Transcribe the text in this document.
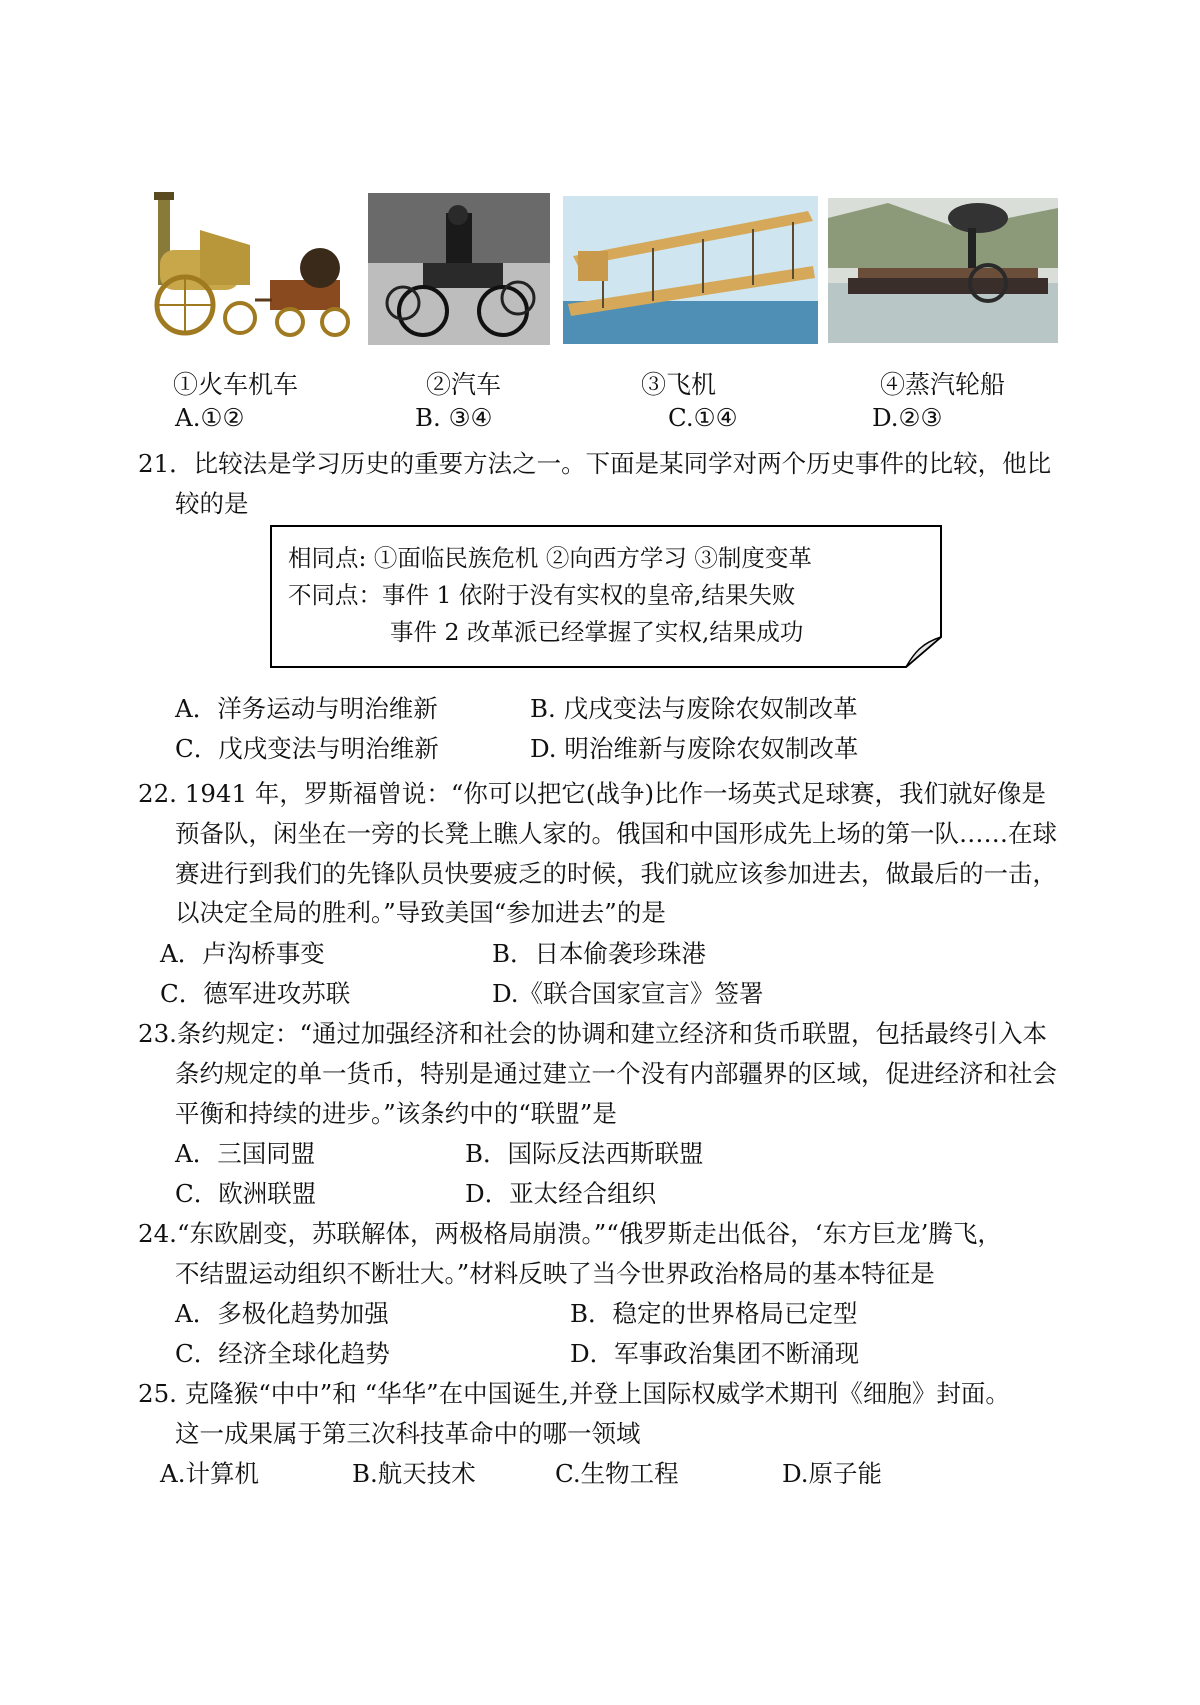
①火车机车	②汽车	③飞机	④蒸汽轮船
A.①②	B. ③④	C.①④	D.②③
21．比较法是学习历史的重要方法之一。下面是某同学对两个历史事件的比较，他比
较的是
相同点: ①面临民族危机 ②向西方学习 ③制度变革
不同点：事件 1 依附于没有实权的皇帝,结果失败
事件 2 改革派已经掌握了实权,结果成功
A．洋务运动与明治维新	B. 戊戌变法与废除农奴制改革
C．戊戌变法与明治维新	D. 明治维新与废除农奴制改革
22. 1941 年，罗斯福曾说：“你可以把它(战争)比作一场英式足球赛，我们就好像是
预备队，闲坐在一旁的长凳上瞧人家的。俄国和中国形成先上场的第一队……在球
赛进行到我们的先锋队员快要疲乏的时候，我们就应该参加进去，做最后的一击，
以决定全局的胜利。”导致美国“参加进去”的是
A．卢沟桥事变	B．日本偷袭珍珠港
C．德军进攻苏联	D.《联合国家宣言》签署
23.条约规定：“通过加强经济和社会的协调和建立经济和货币联盟，包括最终引入本
条约规定的单一货币，特别是通过建立一个没有内部疆界的区域，促进经济和社会
平衡和持续的进步。”该条约中的“联盟”是
A．三国同盟	B．国际反法西斯联盟
C．欧洲联盟	D．亚太经合组织
24.“东欧剧变，苏联解体，两极格局崩溃。”“俄罗斯走出低谷，‘东方巨龙’腾飞，
不结盟运动组织不断壮大。”材料反映了当今世界政治格局的基本特征是
A．多极化趋势加强	B．稳定的世界格局已定型
C．经济全球化趋势	D．军事政治集团不断涌现
25. 克隆猴“中中”和 “华华”在中国诞生,并登上国际权威学术期刊《细胞》封面。
这一成果属于第三次科技革命中的哪一领域
A.计算机	B.航天技术	C.生物工程	D.原子能
